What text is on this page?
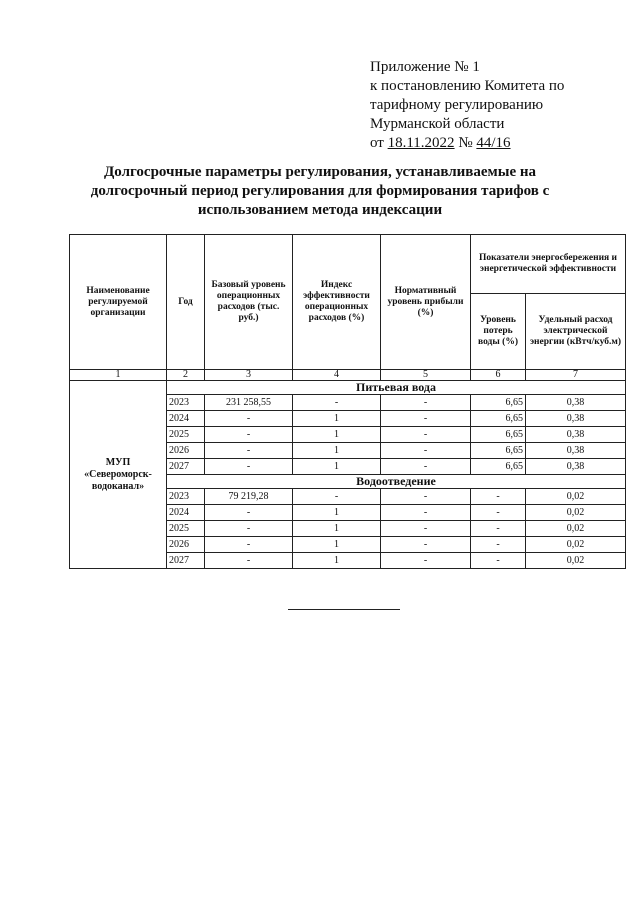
Приложение № 1
к постановлению Комитета по
тарифному регулированию
Мурманской области
от 18.11.2022 № 44/16
Долгосрочные параметры регулирования, устанавливаемые на долгосрочный период регулирования для формирования тарифов с использованием метода индексации
Наименование регулируемой организации	Год	Базовый уровень операционных расходов (тыс. руб.)	Индекс эффективности операционных расходов (%)	Нормативный уровень прибыли (%)	Показатели энергосбережения и энергетической эффективности	
					Уровень потерь воды (%)	Удельный расход электрической энергии (кВтч/куб.м)
1	2	3	4	5	6	7

МУП
«Североморск-
водоканал»	Питьевая вода					
	2023	231 258,55	-	-	6,65	0,38
	2024	-	1	-	6,65	0,38
	2025	-	1	-	6,65	0,38
	2026	-	1	-	6,65	0,38
	2027	-	1	-	6,65	0,38
	Водоотведение					
	2023	79 219,28	-	-	-	0,02
	2024	-	1	-	-	0,02
	2025	-	1	-	-	0,02
	2026	-	1	-	-	0,02
	2027	-	1	-	-	0,02
